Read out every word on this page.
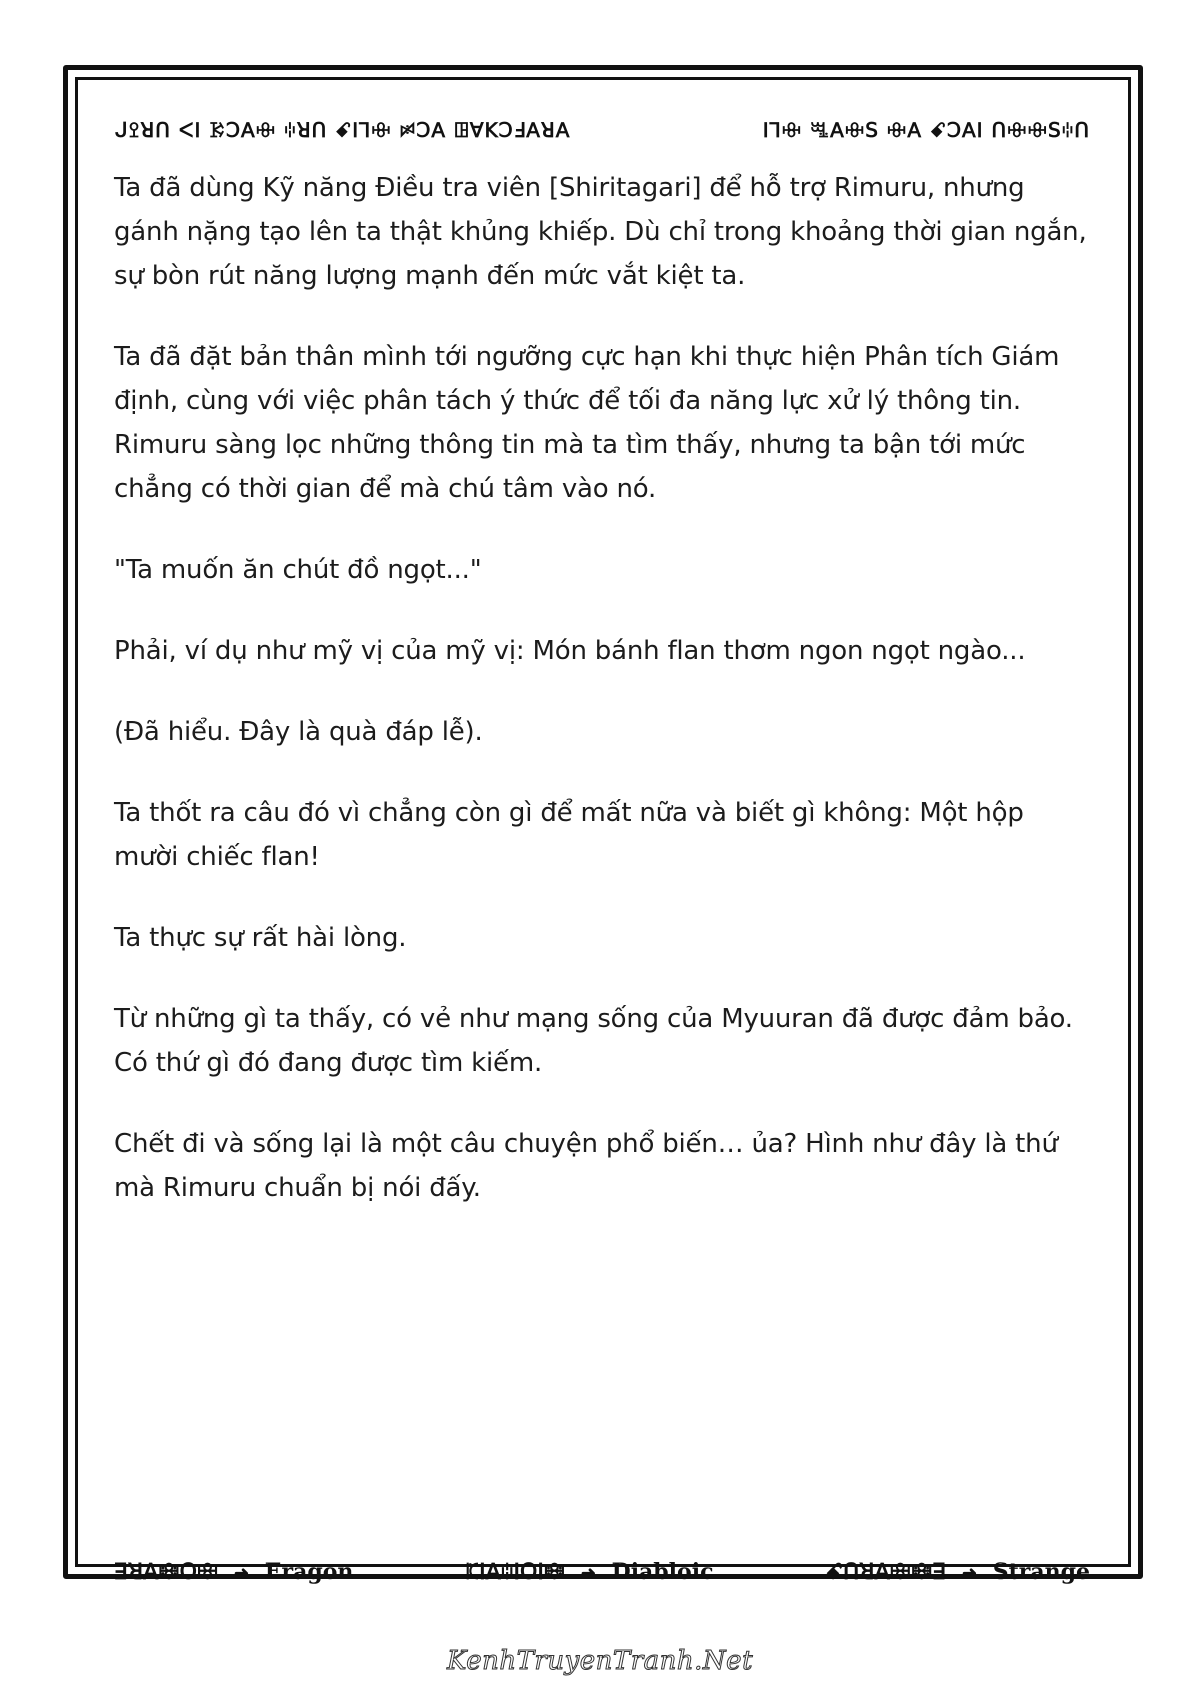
ᒍꔌꓤꓵ ᐸꓲ ꗣꓛꓮꗳ ꗺꓤꓵ ꗃꓲꓶꗳ ꗰꓛꓮ ꖸꓯꓗꓛꓞꓮꓤꓮ	ꓲꓶꗳ ꗆꓮꗳꓢ ꗳꓮ ꗃꓛꓮꓲ ꓵꗳꗳꓢꗺꓵ

Ta đã dùng Kỹ năng Điều tra viên [Shiritagari] để hỗ trợ Rimuru, nhưng gánh nặng tạo lên ta thật khủng khiếp. Dù chỉ trong khoảng thời gian ngắn, sự bòn rút năng lượng mạnh đến mức vắt kiệt ta.

Ta đã đặt bản thân mình tới ngưỡng cực hạn khi thực hiện Phân tích Giám định, cùng với việc phân tách ý thức để tối đa năng lực xử lý thông tin. Rimuru sàng lọc những thông tin mà ta tìm thấy, nhưng ta bận tới mức chẳng có thời gian để mà chú tâm vào nó.

"Ta muốn ăn chút đồ ngọt..."

Phải, ví dụ như mỹ vị của mỹ vị: Món bánh flan thơm ngon ngọt ngào...

(Đã hiểu. Đây là quà đáp lễ).

Ta thốt ra câu đó vì chẳng còn gì để mất nữa và biết gì không: Một hộp mười chiếc flan!

Ta thực sự rất hài lòng.

Từ những gì ta thấy, có vẻ như mạng sống của Myuuran đã được đảm bảo. Có thứ gì đó đang được tìm kiếm.

Chết đi và sống lại là một câu chuyện phổ biến… ủa? Hình như đây là thứ mà Rimuru chuẩn bị nói đấy.

ꓱꓤꓮꗴꓳꗳ ➜ Eragon	ꗫꓲꓮꗺꓲꓳꓲꗴ ➜ Diabloic	ꗃꓵꓤꓮꗳꗴꓱ ➜ Strange
KenhTruyenTranh.Net
